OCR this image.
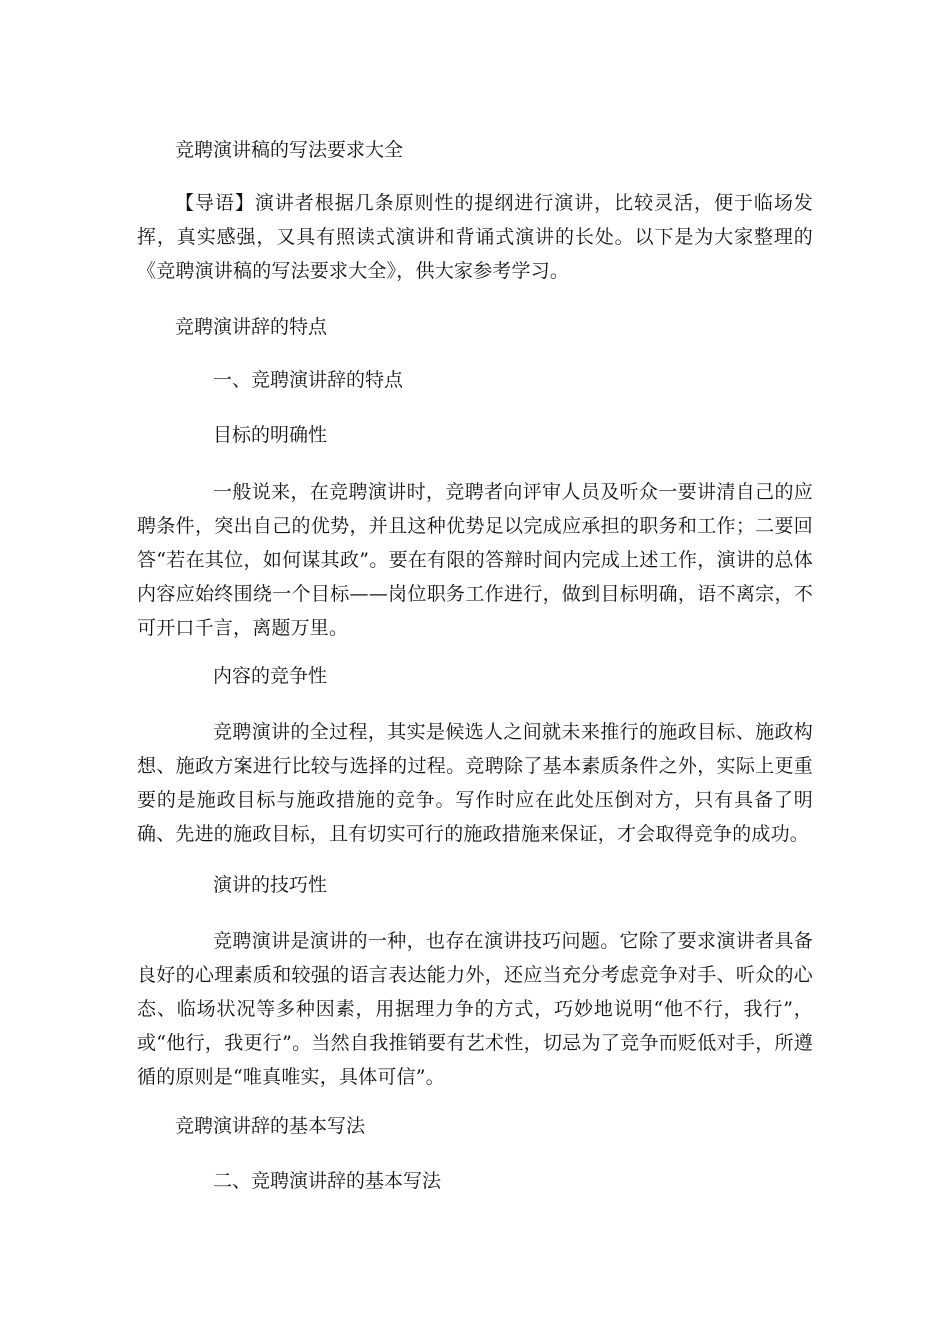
竞聘演讲稿的写法要求大全

【导语】演讲者根据几条原则性的提纲进行演讲，比较灵活，便于临场发挥，真实感强，又具有照读式演讲和背诵式演讲的长处。以下是为大家整理的《竞聘演讲稿的写法要求大全》，供大家参考学习。

竞聘演讲辞的特点

一、竞聘演讲辞的特点

目标的明确性

一般说来，在竞聘演讲时，竞聘者向评审人员及听众一要讲清自己的应聘条件，突出自己的优势，并且这种优势足以完成应承担的职务和工作；二要回答“若在其位，如何谋其政”。要在有限的答辩时间内完成上述工作，演讲的总体内容应始终围绕一个目标——岗位职务工作进行，做到目标明确，语不离宗，不可开口千言，离题万里。

内容的竞争性

竞聘演讲的全过程，其实是候选人之间就未来推行的施政目标、施政构想、施政方案进行比较与选择的过程。竞聘除了基本素质条件之外，实际上更重要的是施政目标与施政措施的竞争。写作时应在此处压倒对方，只有具备了明确、先进的施政目标，且有切实可行的施政措施来保证，才会取得竞争的成功。

演讲的技巧性

竞聘演讲是演讲的一种，也存在演讲技巧问题。它除了要求演讲者具备良好的心理素质和较强的语言表达能力外，还应当充分考虑竞争对手、听众的心态、临场状况等多种因素，用据理力争的方式，巧妙地说明“他不行，我行”，或“他行，我更行”。当然自我推销要有艺术性，切忌为了竞争而贬低对手，所遵循的原则是“唯真唯实，具体可信”。

竞聘演讲辞的基本写法

二、竞聘演讲辞的基本写法
